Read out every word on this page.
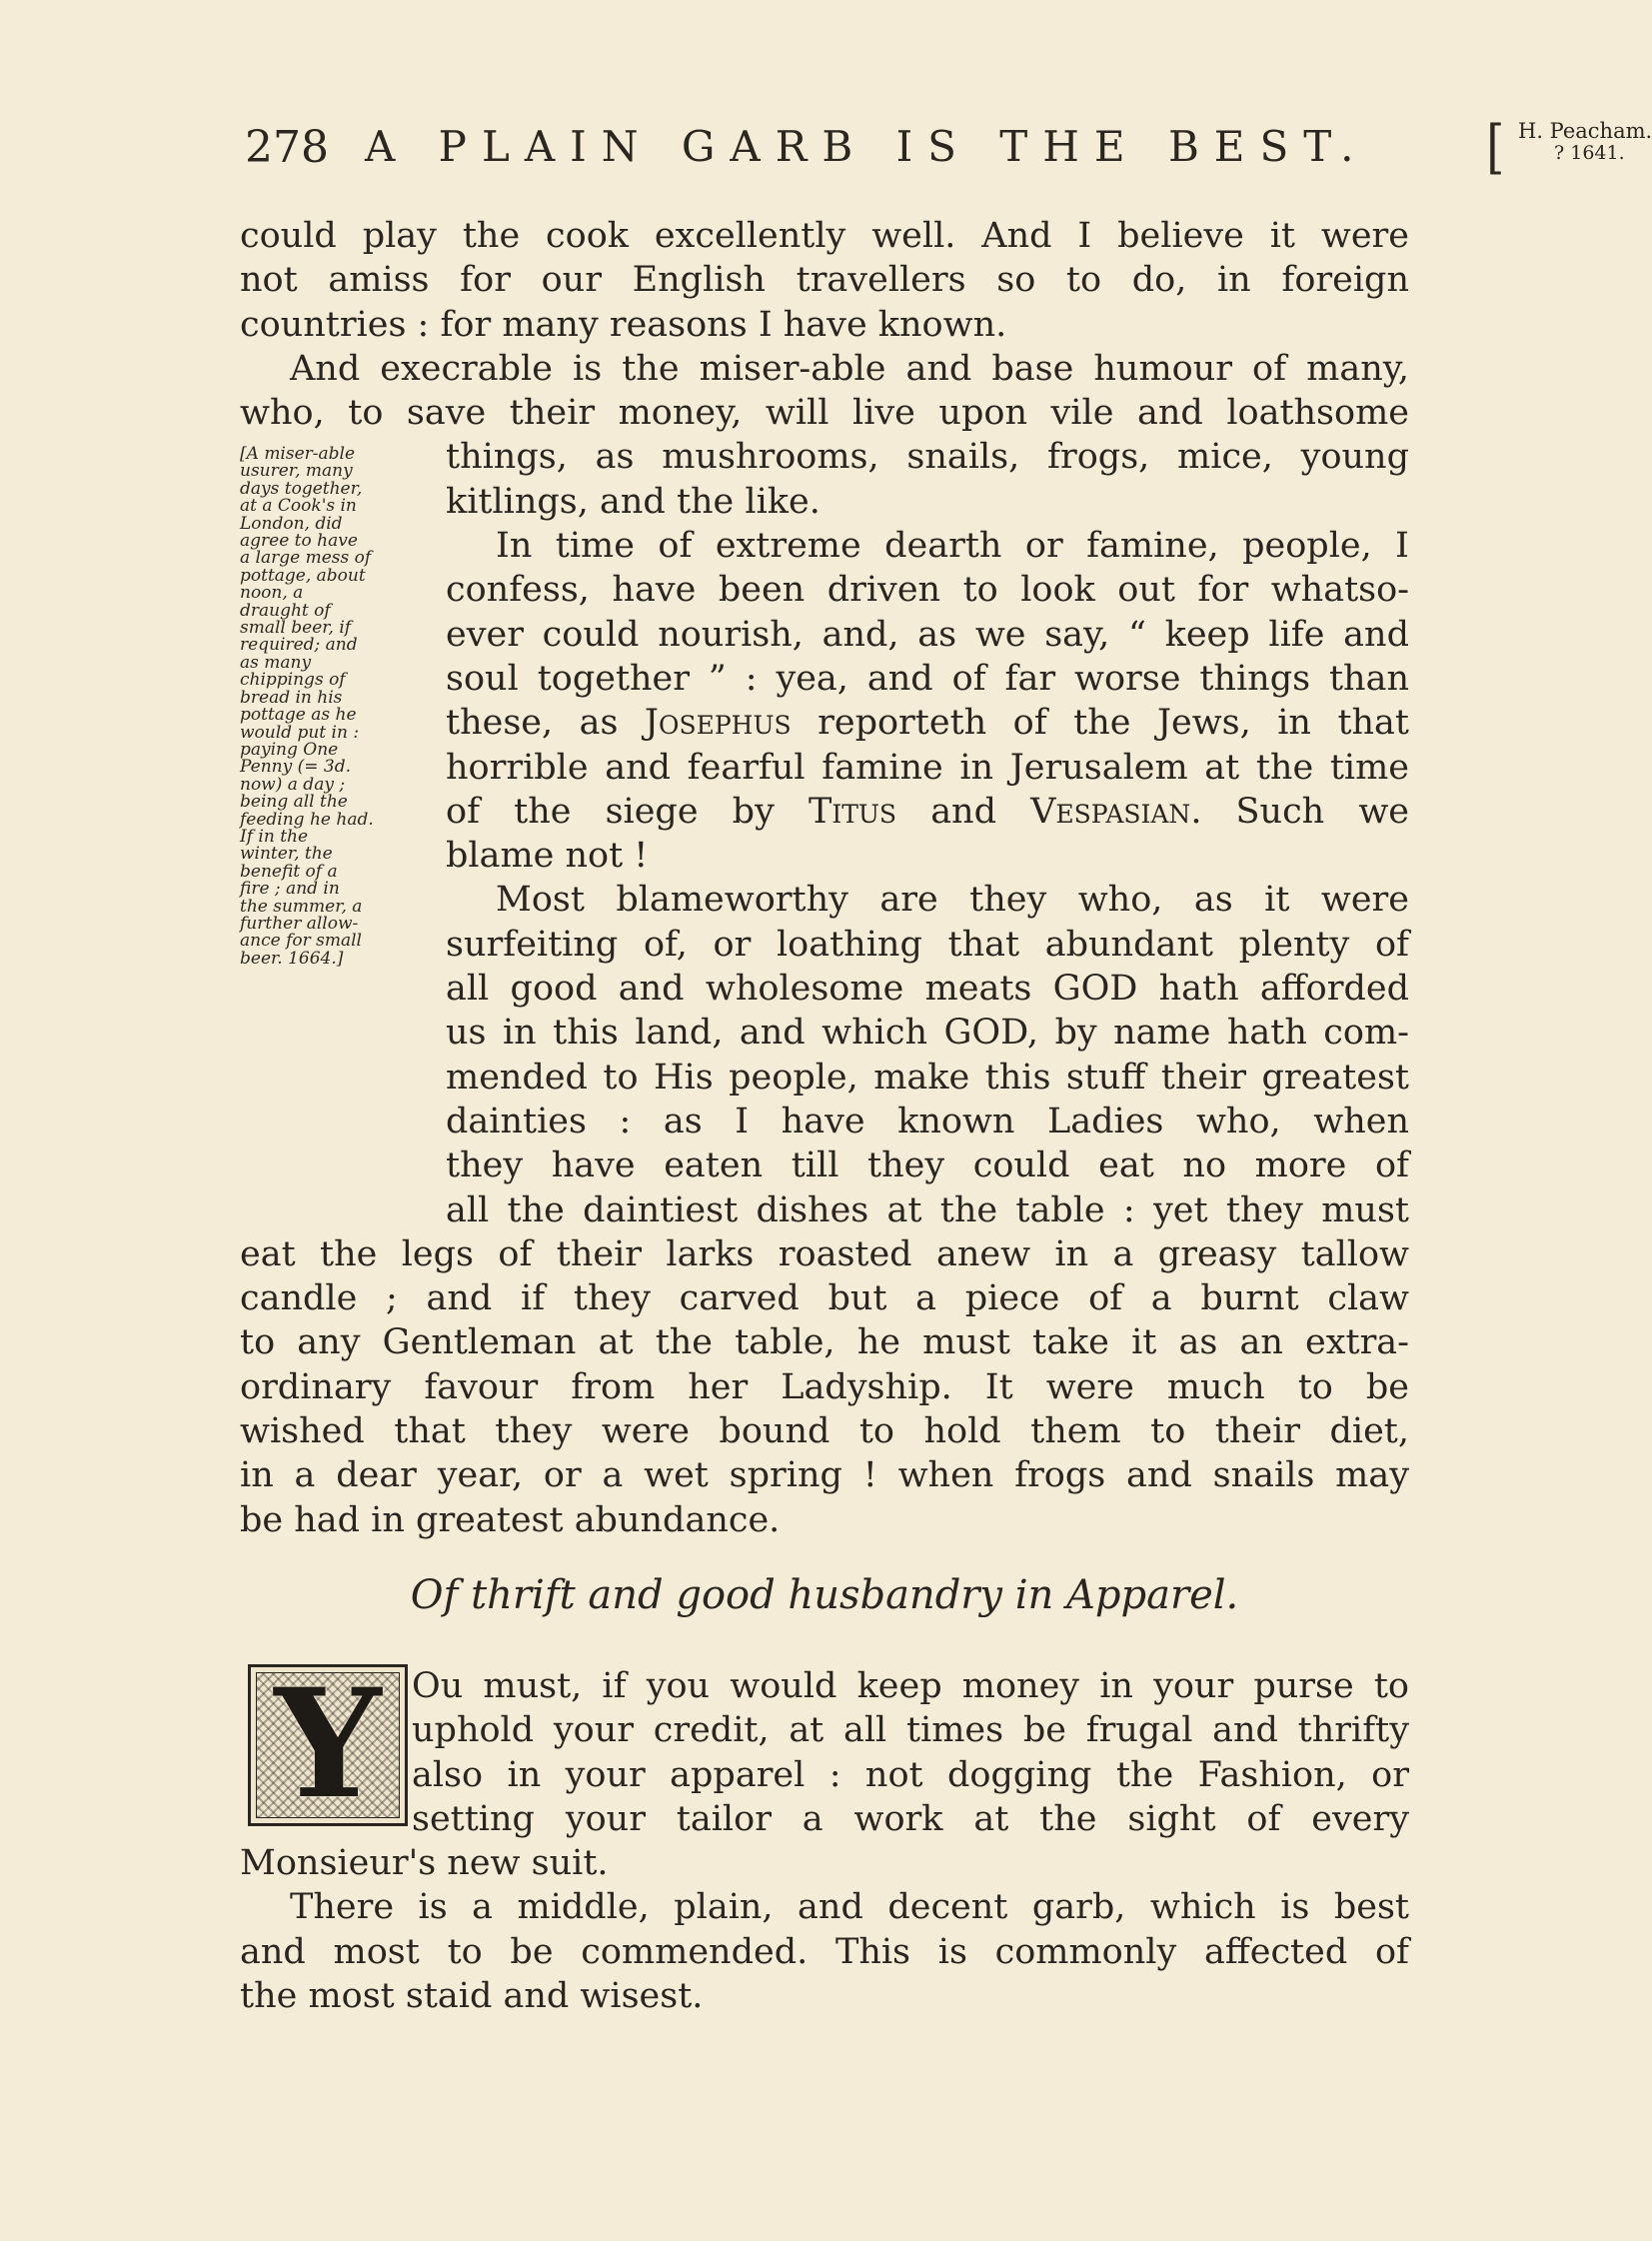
278 A PLAIN GARB IS THE BEST. [ H. Peacham.
? 1641.
[A miser-able
usurer, many
days together,
at a Cook's in
London, did
agree to have
a large mess of
pottage, about
noon, a
draught of
small beer, if
required; and
as many
chippings of
bread in his
pottage as he
would put in :
paying One
Penny (= 3d.
now) a day ;
being all the
feeding he had.
If in the
winter, the
benefit of a
fire ; and in
the summer, a
further allow-
ance for small
beer. 1664.]
could play the cook excellently well. And I believe it were
not amiss for our English travellers so to do, in foreign
countries : for many reasons I have known.
And execrable is the miser-able and base humour of many,
who, to save their money, will live upon vile and loathsome
things, as mushrooms, snails, frogs, mice, young
kitlings, and the like.
In time of extreme dearth or famine, people, I
confess, have been driven to look out for whatso-
ever could nourish, and, as we say, “ keep life and
soul together ” : yea, and of far worse things than
these, as Josephus reporteth of the Jews, in that
horrible and fearful famine in Jerusalem at the time
of the siege by Titus and Vespasian. Such we
blame not !
Most blameworthy are they who, as it were
surfeiting of, or loathing that abundant plenty of
all good and wholesome meats GOD hath afforded
us in this land, and which GOD, by name hath com-
mended to His people, make this stuff their greatest
dainties : as I have known Ladies who, when
they have eaten till they could eat no more of
all the daintiest dishes at the table : yet they must
eat the legs of their larks roasted anew in a greasy tallow
candle ; and if they carved but a piece of a burnt claw
to any Gentleman at the table, he must take it as an extra-
ordinary favour from her Ladyship. It were much to be
wished that they were bound to hold them to their diet,
in a dear year, or a wet spring ! when frogs and snails may
be had in greatest abundance.
Of thrift and good husbandry in Apparel.
Y Ou must, if you would keep money in your purse to
uphold your credit, at all times be frugal and thrifty
also in your apparel : not dogging the Fashion, or
setting your tailor a work at the sight of every
Monsieur's new suit.
There is a middle, plain, and decent garb, which is best
and most to be commended. This is commonly affected of
the most staid and wisest.
